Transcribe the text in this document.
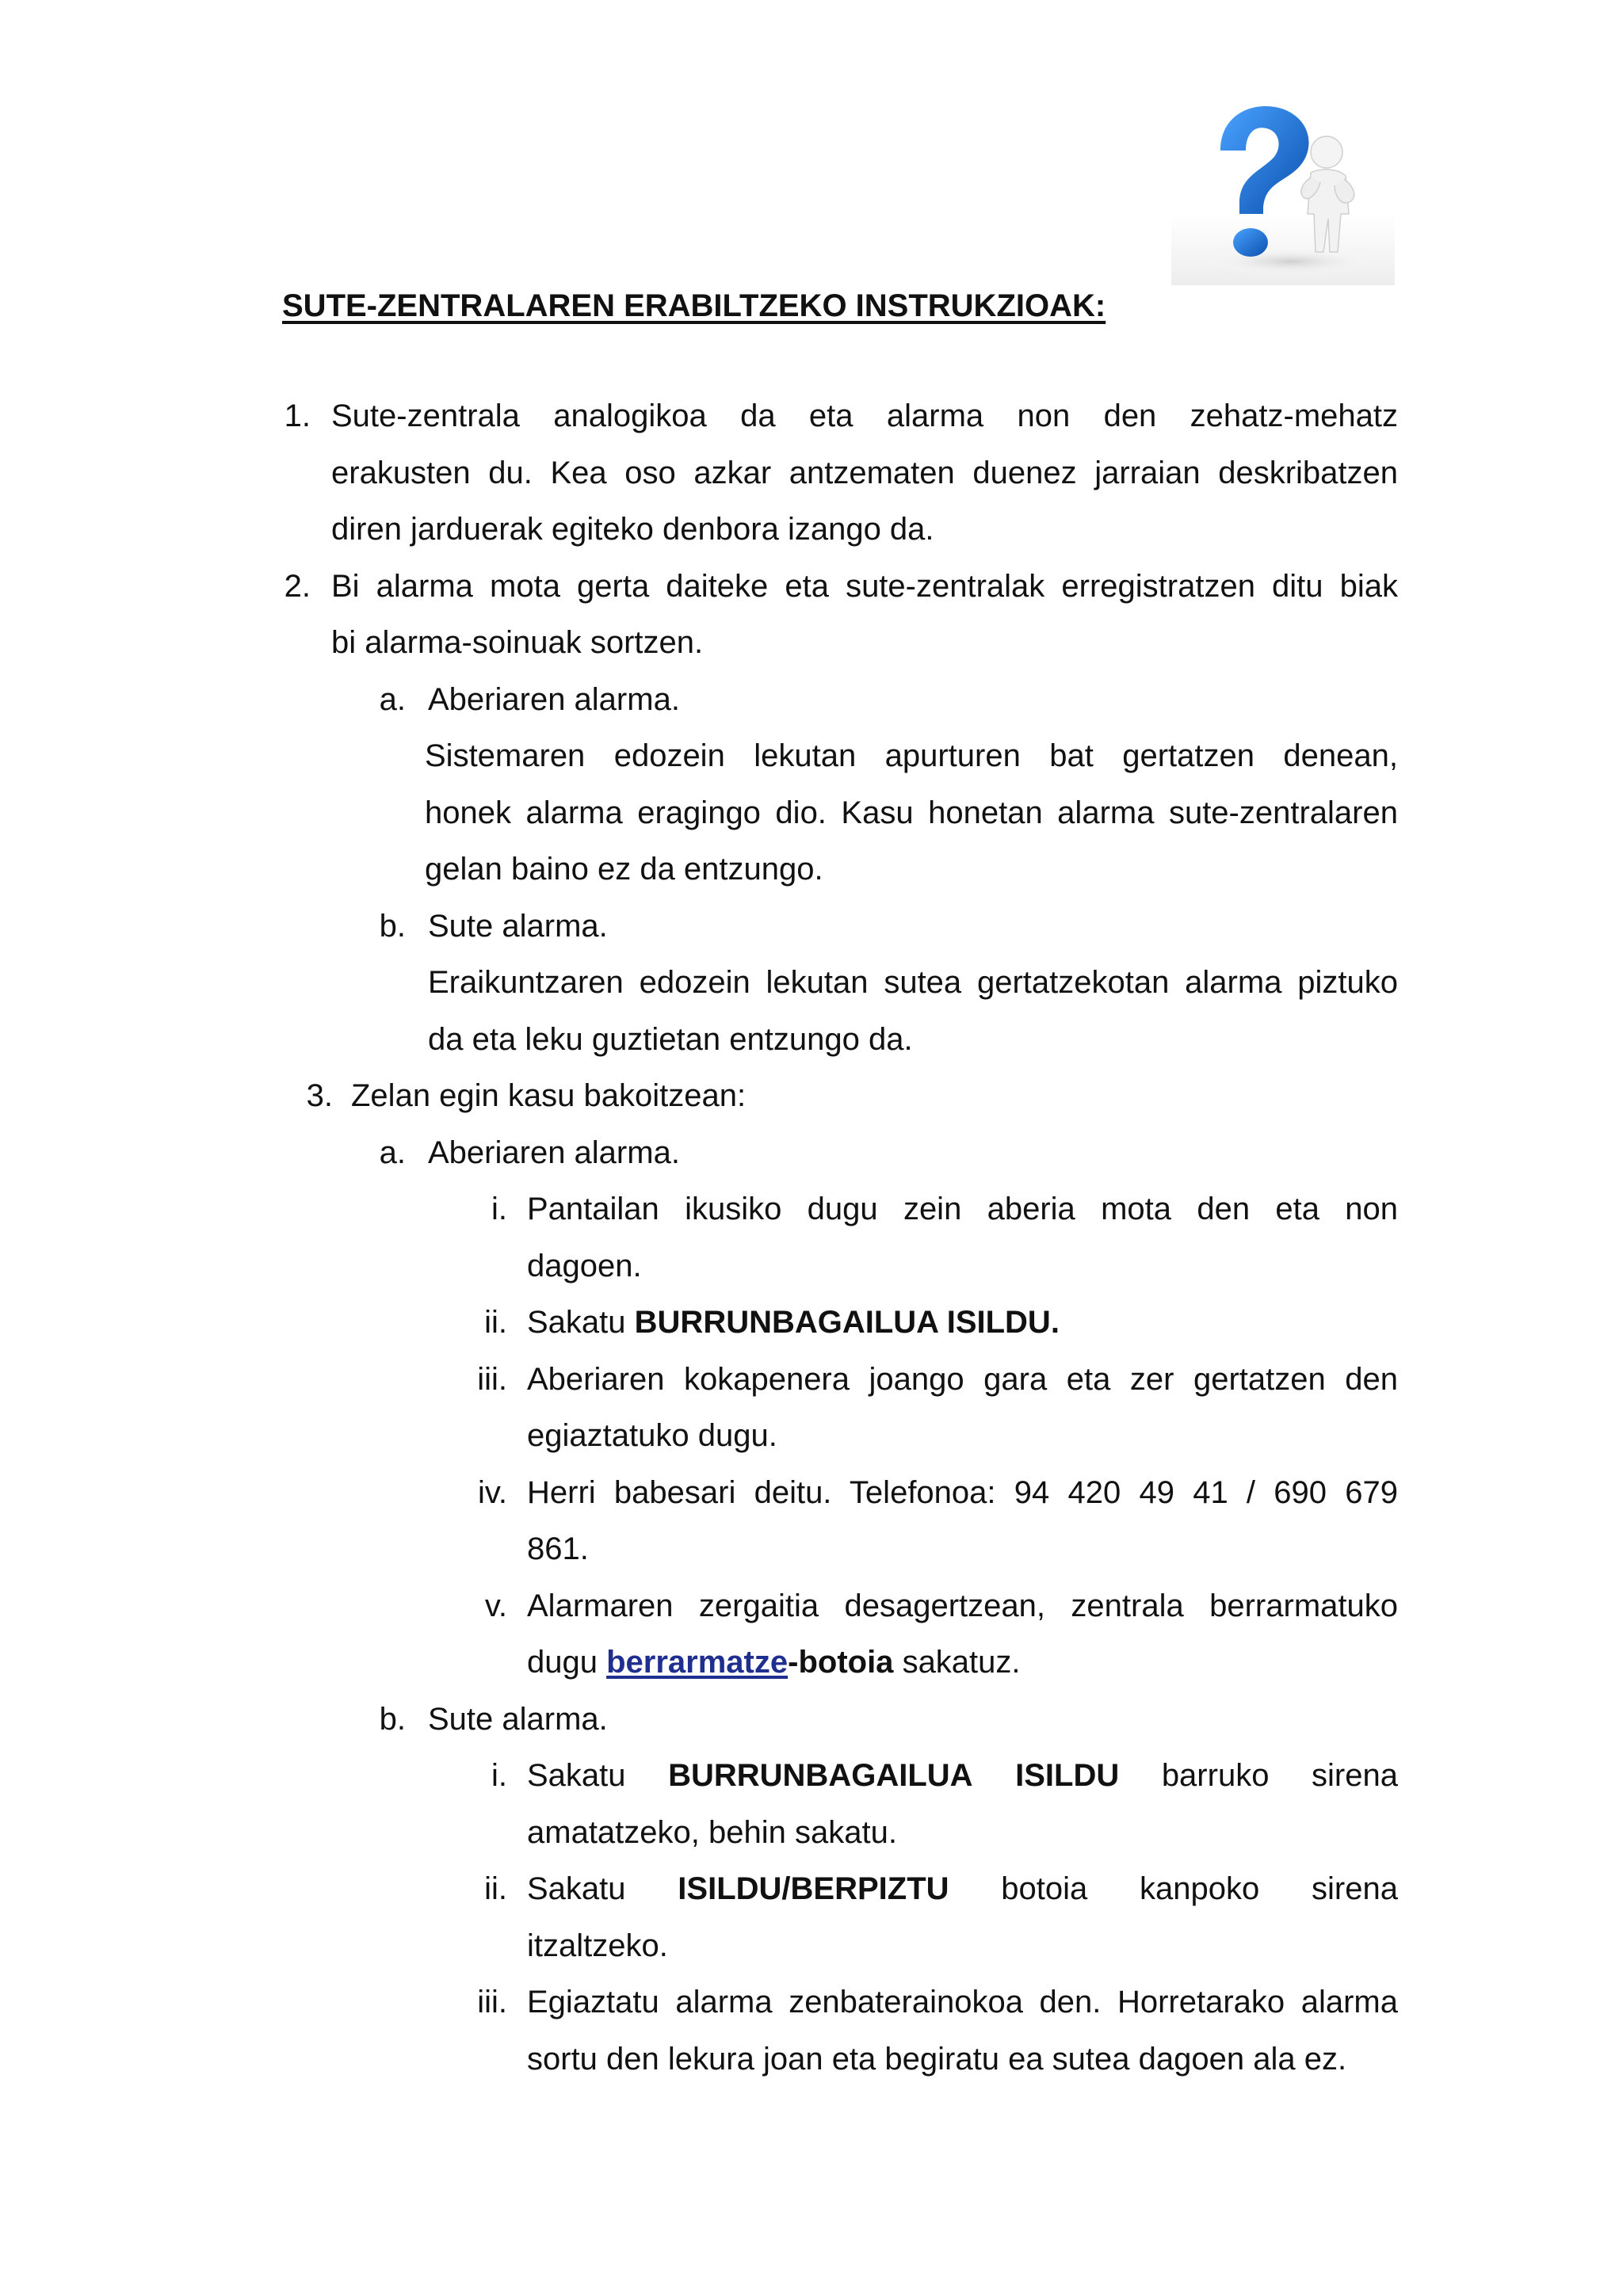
SUTE-ZENTRALAREN ERABILTZEKO INSTRUKZIOAK:
1. Sute-zentrala analogikoa da eta alarma non den zehatz-mehatz
erakusten du. Kea oso azkar antzematen duenez jarraian deskribatzen
diren jarduerak egiteko denbora izango da.
2. Bi alarma mota gerta daiteke eta sute-zentralak erregistratzen ditu biak
bi alarma-soinuak sortzen.
a. Aberiaren alarma.
Sistemaren edozein lekutan apurturen bat gertatzen denean,
honek alarma eragingo dio. Kasu honetan alarma sute-zentralaren
gelan baino ez da entzungo.
b. Sute alarma.
Eraikuntzaren edozein lekutan sutea gertatzekotan alarma piztuko
da eta leku guztietan entzungo da.
3. Zelan egin kasu bakoitzean:
a. Aberiaren alarma.
i. Pantailan ikusiko dugu zein aberia mota den eta non
dagoen.
ii. Sakatu BURRUNBAGAILUA ISILDU.
iii. Aberiaren kokapenera joango gara eta zer gertatzen den
egiaztatuko dugu.
iv. Herri babesari deitu. Telefonoa: 94 420 49 41 / 690 679
861.
v. Alarmaren zergaitia desagertzean, zentrala berrarmatuko
dugu berrarmatze-botoia sakatuz.
b. Sute alarma.
i. Sakatu BURRUNBAGAILUA ISILDU barruko sirena
amatatzeko, behin sakatu.
ii. Sakatu ISILDU/BERPIZTU botoia kanpoko sirena
itzaltzeko.
iii. Egiaztatu alarma zenbaterainokoa den. Horretarako alarma
sortu den lekura joan eta begiratu ea sutea dagoen ala ez.
